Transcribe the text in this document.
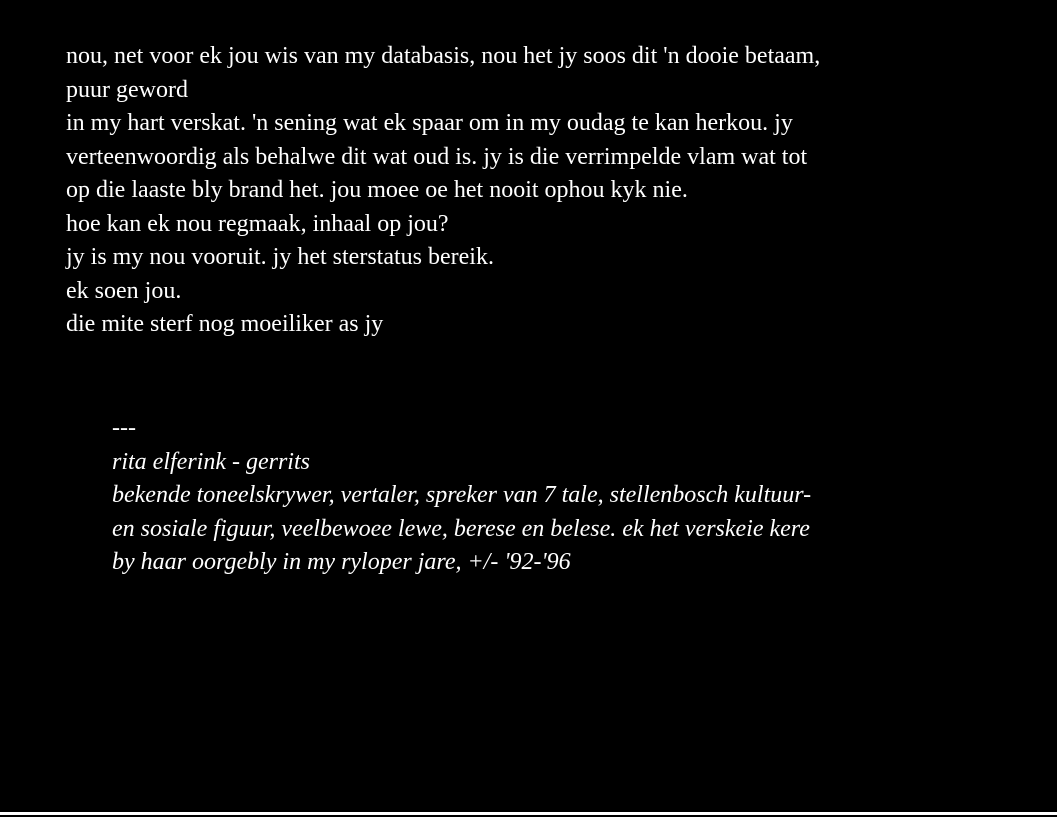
nou, net voor ek jou wis van my databasis, nou het jy soos dit 'n dooie betaam,
puur geword
in my hart verskat. 'n sening wat ek spaar om in my oudag te kan herkou. jy
verteenwoordig als behalwe dit wat oud is. jy is die verrimpelde vlam wat tot
op die laaste bly brand het. jou moee oe het nooit ophou kyk nie.
hoe kan ek nou regmaak, inhaal op jou?
jy is my nou vooruit. jy het sterstatus bereik.
ek soen jou.
die mite sterf nog moeiliker as jy
---
rita elferink - gerrits
bekende toneelskrywer, vertaler, spreker van 7 tale, stellenbosch kultuur-
en sosiale figuur, veelbewoee lewe, berese en belese. ek het verskeie kere
by haar oorgebly in my ryloper jare, +/- '92-'96
